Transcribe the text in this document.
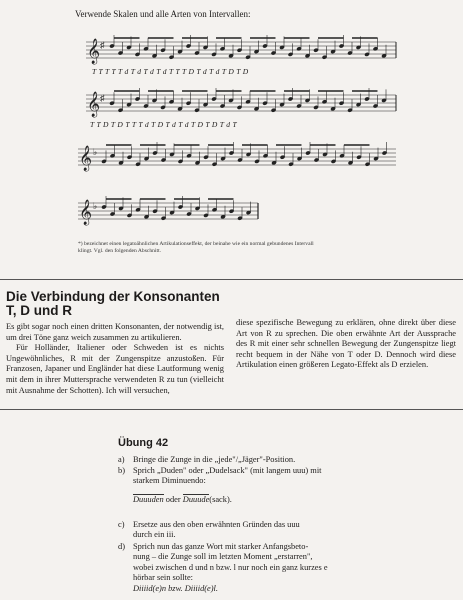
Verwende Skalen und alle Arten von Intervallen:
𝄞
𝄞
𝄞
𝄞
♯
♯
♭
♭
T T T T T d T d T d T d T T T D T d T d T D T D
T T D T D T T T d T D T d T d T D T D T d T
*) bezeichnet einen legatoähnlichen Artikulationseffekt, der beinahe wie ein normal gebundenes Intervall klingt. Vgl. den folgenden Abschnitt.
Die Verbindung der Konsonanten
T, D und R

Es gibt sogar noch einen dritten Konsonanten, der notwendig ist, um drei Töne ganz weich zusammen zu artikulieren.

Für Holländer, Italiener oder Schweden ist es nichts Ungewöhnliches, R mit der Zungenspitze anzustoßen. Für Franzosen, Japaner und Engländer hat diese Lautformung wenig mit dem in ihrer Muttersprache verwendeten R zu tun (vielleicht mit Ausnahme der Schotten). Ich will versuchen,

diese spezifische Bewegung zu erklären, ohne direkt über diese Art von R zu sprechen. Die oben erwähnte Art der Aussprache des R mit einer sehr schnellen Bewegung der Zungenspitze liegt recht bequem in der Nähe von T oder D. Dennoch wird diese Artikulation einen größeren Legato-Effekt als D erzielen.

Übung 42
a) Bringe die Zunge in die „jede"/„Jäger"-Position.
b) Sprich „Duden" oder „Dudelsack" (mit langem uuu) mit
starkem Diminuendo:
Duuuden oder Duuude(sack).
c) Ersetze aus den oben erwähnten Gründen das uuu
durch ein iii.
d) Sprich nun das ganze Wort mit starker Anfangsbeto-
nung – die Zunge soll im letzten Moment „erstarren",
wobei zwischen d und n bzw. l nur noch ein ganz kurzes e
hörbar sein sollte:
Diiiid(e)n bzw. Diiiid(e)l.
